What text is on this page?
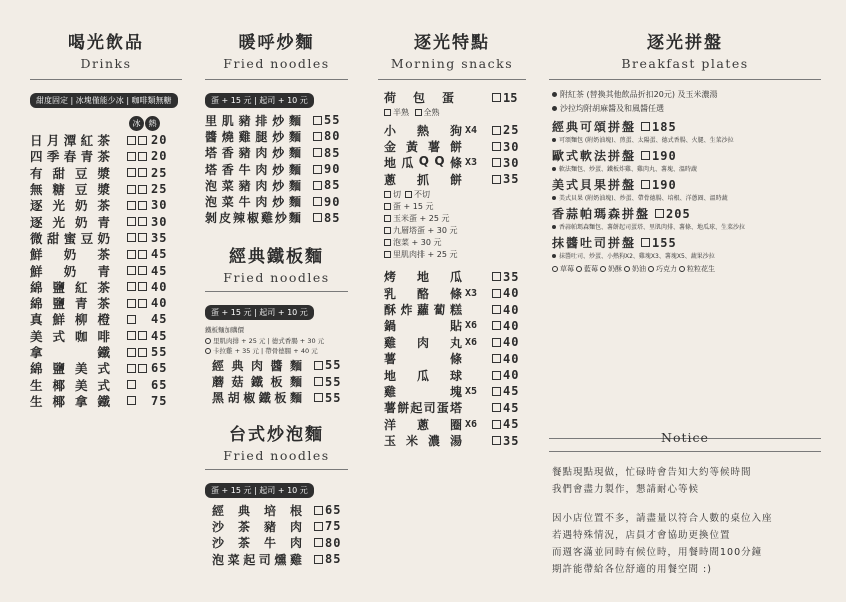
喝光飲品
Drinks
甜度固定 | 冰塊僅能少冰 | 咖啡類無糖
冰 熱
日 月 潭 紅 茶	20
四 季 春 青 茶	20
有 甜 豆 漿	25
無 糖 豆 漿	25
逐 光 奶 茶	30
逐 光 奶 青	30
微 甜 蜜 豆 奶	35
鮮 奶 茶	45
鮮 奶 青	45
綿 鹽 紅 茶	40
綿 鹽 青 茶	40
真 鮮 柳 橙	45
美 式 咖 啡	45
拿	鐵	55
綿 鹽 美 式	65
生 椰 美 式	65
生 椰 拿 鐵	75
暖呼炒麵
Fried noodles
蛋 + 15 元 | 起司 + 10 元
里 肌 豬 排 炒 麵 55
醬 燒 雞 腿 炒 麵 80
塔 香 豬 肉 炒 麵 85
塔 香 牛 肉 炒 麵 90
泡 菜 豬 肉 炒 麵 85
泡 菜 牛 肉 炒 麵 90
剝 皮 辣 椒 雞 炒 麵 85
經典鐵板麵
Fried noodles
蛋 + 15 元 | 起司 + 10 元
鐵板麵加購價
里肌肉排 + 25 元 | 德式香腸 + 30 元
卡拉雞 + 35 元 | 帶骨德腸 + 40 元
經 典 肉 醬 麵 55
蘑 菇 鐵 板 麵 55
黑 胡 椒 鐵 板 麵 55
台式炒泡麵
Fried noodles
蛋 + 15 元 | 起司 + 10 元
經 典 培 根 65
沙 茶 豬 肉 75
沙 茶 牛 肉 80
泡 菜 起 司 燻 雞 85
逐光特點
Morning snacks
荷包蛋	15
半熟 全熟
小 熱 狗 X4	25
金 黃 薯 餅	30
地 瓜 Q Q 條 X3	30
蔥 抓 餅	35
切 不切
蛋 + 15 元
玉米蛋 + 25 元
九層塔蛋 + 30 元
泡菜 + 30 元
里肌肉排 + 25 元
烤 地 瓜	35
乳 酪 條 X3	40
酥 炸 蘿 蔔 糕	40
鍋	貼 X6	40
雞 肉 丸 X6	40
薯	條	40
地 瓜 球	40
雞	塊 X5	45
薯 餅 起 司 蛋 塔	45
洋 蔥 圈 X6	45
玉 米 濃 湯	35
逐光拼盤
Breakfast plates
附紅茶 (替換其他飲品折扣20元) 及玉米濃湯
沙拉均附胡麻醬及和風醬任選
經典可頌拼盤 185
可頌麵包 (附奶油塊)、煎蛋、太陽蛋、德式香腸、火腿、生菜沙拉
歐式軟法拼盤 190
軟法麵包、炒蛋、鐵板炸雞、雞肉丸、薯塊、溫時蔬
美式貝果拼盤 190
美式貝果 (附奶油塊)、炒蛋、帶骨德腸、培根、洋蔥圈、溫時蔬
香蒜帕瑪森拼盤 205
香蒜帕瑪森麵包、薯餅起司蛋塔、里肌肉排、薯條、地瓜球、生菜沙拉
抹醬吐司拼盤 155
抹醬吐司、炒蛋、小熱狗X2、雞塊X3、薯塊X5、蔬果沙拉
草莓 藍莓 奶酥 奶油 巧克力 粒粒花生
Notice
餐點現點現做，忙碌時會告知大約等候時間
我們會盡力製作，懇請耐心等候
因小店位置不多，請盡量以符合人數的桌位入座
若遇特殊情況，店員才會協助更換位置
而週客滿並同時有候位時，用餐時間100分鐘
期許能帶給各位舒適的用餐空間 :)
